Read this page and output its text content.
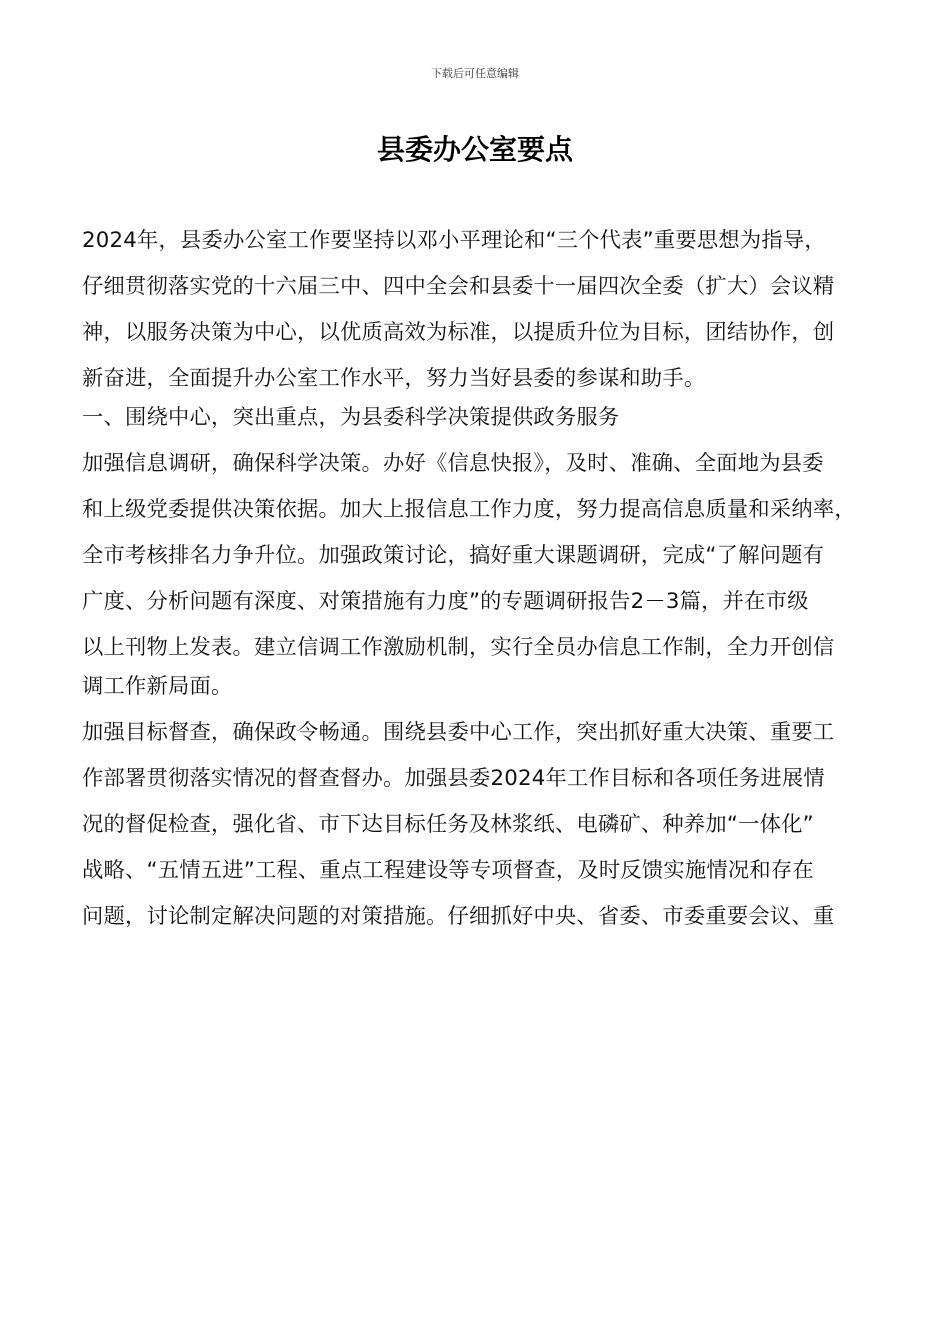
下载后可任意编辑
县委办公室要点
2024年，县委办公室工作要坚持以邓小平理论和“三个代表”重要思想为指导，
仔细贯彻落实党的十六届三中、四中全会和县委十一届四次全委（扩大）会议精
神，以服务决策为中心，以优质高效为标准，以提质升位为目标，团结协作，创
新奋进，全面提升办公室工作水平，努力当好县委的参谋和助手。
一、围绕中心，突出重点，为县委科学决策提供政务服务
加强信息调研，确保科学决策。办好《信息快报》，及时、准确、全面地为县委
和上级党委提供决策依据。加大上报信息工作力度，努力提高信息质量和采纳率，
全市考核排名力争升位。加强政策讨论，搞好重大课题调研，完成“了解问题有
广度、分析问题有深度、对策措施有力度”的专题调研报告2－3篇，并在市级
以上刊物上发表。建立信调工作激励机制，实行全员办信息工作制，全力开创信
调工作新局面。
加强目标督查，确保政令畅通。围绕县委中心工作，突出抓好重大决策、重要工
作部署贯彻落实情况的督查督办。加强县委2024年工作目标和各项任务进展情
况的督促检查，强化省、市下达目标任务及林浆纸、电磷矿、种养加“一体化”
战略、“五情五进”工程、重点工程建设等专项督查，及时反馈实施情况和存在
问题，讨论制定解决问题的对策措施。仔细抓好中央、省委、市委重要会议、重
